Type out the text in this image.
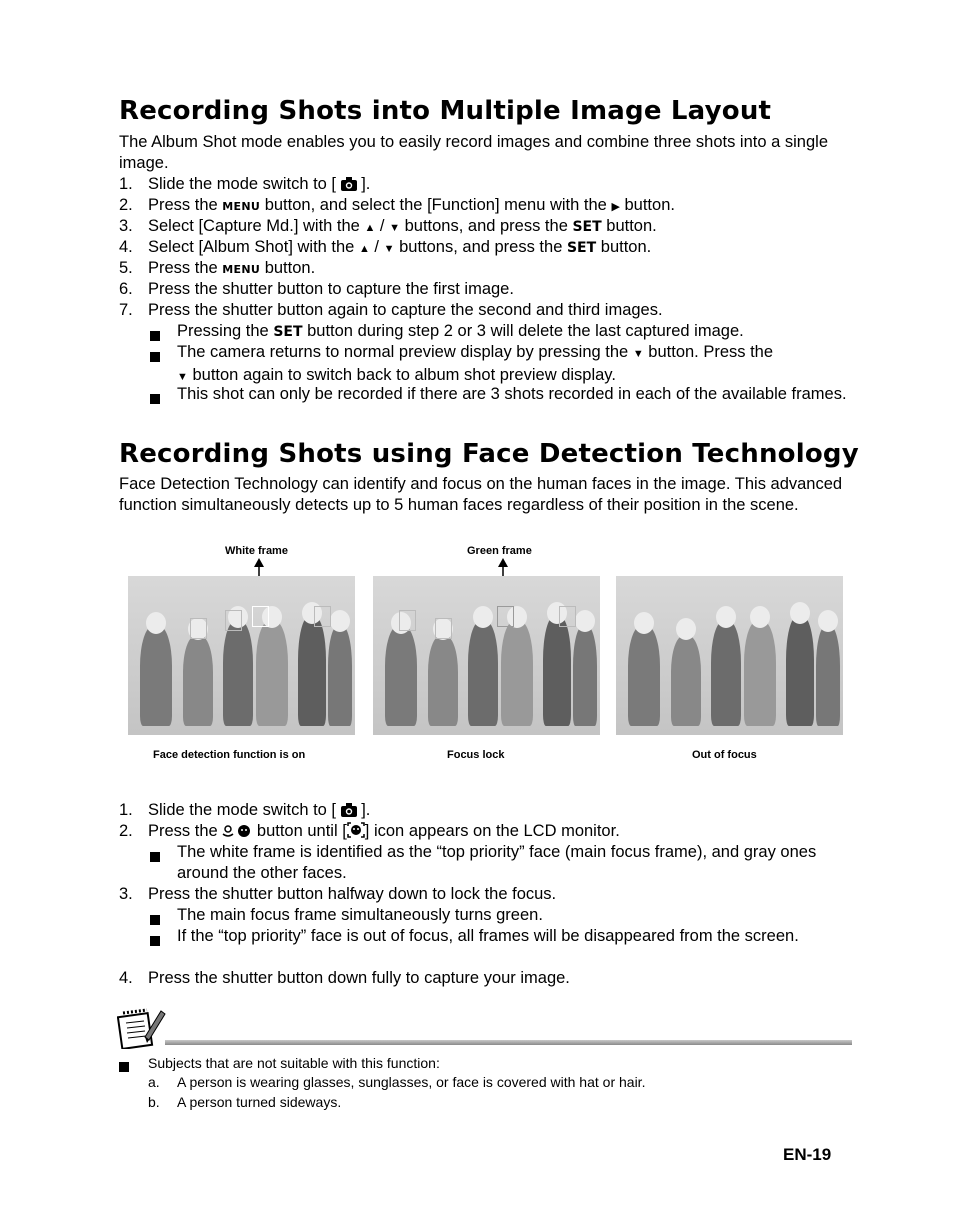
Recording Shots into Multiple Image Layout

The Album Shot mode enables you to easily record images and combine three shots into a single image.

1. Slide the mode switch to [ ].
2. Press the MENU button, and select the [Function] menu with the ▶ button.
3. Select [Capture Md.] with the ▲ / ▼ buttons, and press the SET button.
4. Select [Album Shot] with the ▲ / ▼ buttons, and press the SET button.
5. Press the MENU button.
6. Press the shutter button to capture the first image.
7. Press the shutter button again to capture the second and third images.
Pressing the SET button during step 2 or 3 will delete the last captured image.
The camera returns to normal preview display by pressing the ▼ button. Press the
▼ button again to switch back to album shot preview display.
This shot can only be recorded if there are 3 shots recorded in each of the available frames.
Recording Shots using Face Detection Technology

Face Detection Technology can identify and focus on the human faces in the image. This advanced function simultaneously detects up to 5 human faces regardless of their position in the scene.

White frame	Green frame
Face detection function is on	Focus lock	Out of focus
1. Slide the mode switch to [ ].
2. Press the button until [ ] icon appears on the LCD monitor.
The white frame is identified as the “top priority” face (main focus frame), and gray ones around the other faces.
3. Press the shutter button halfway down to lock the focus.
The main focus frame simultaneously turns green.
If the “top priority” face is out of focus, all frames will be disappeared from the screen.
4. Press the shutter button down fully to capture your image.
Subjects that are not suitable with this function:
a. A person is wearing glasses, sunglasses, or face is covered with hat or hair.
b. A person turned sideways.
EN-19
